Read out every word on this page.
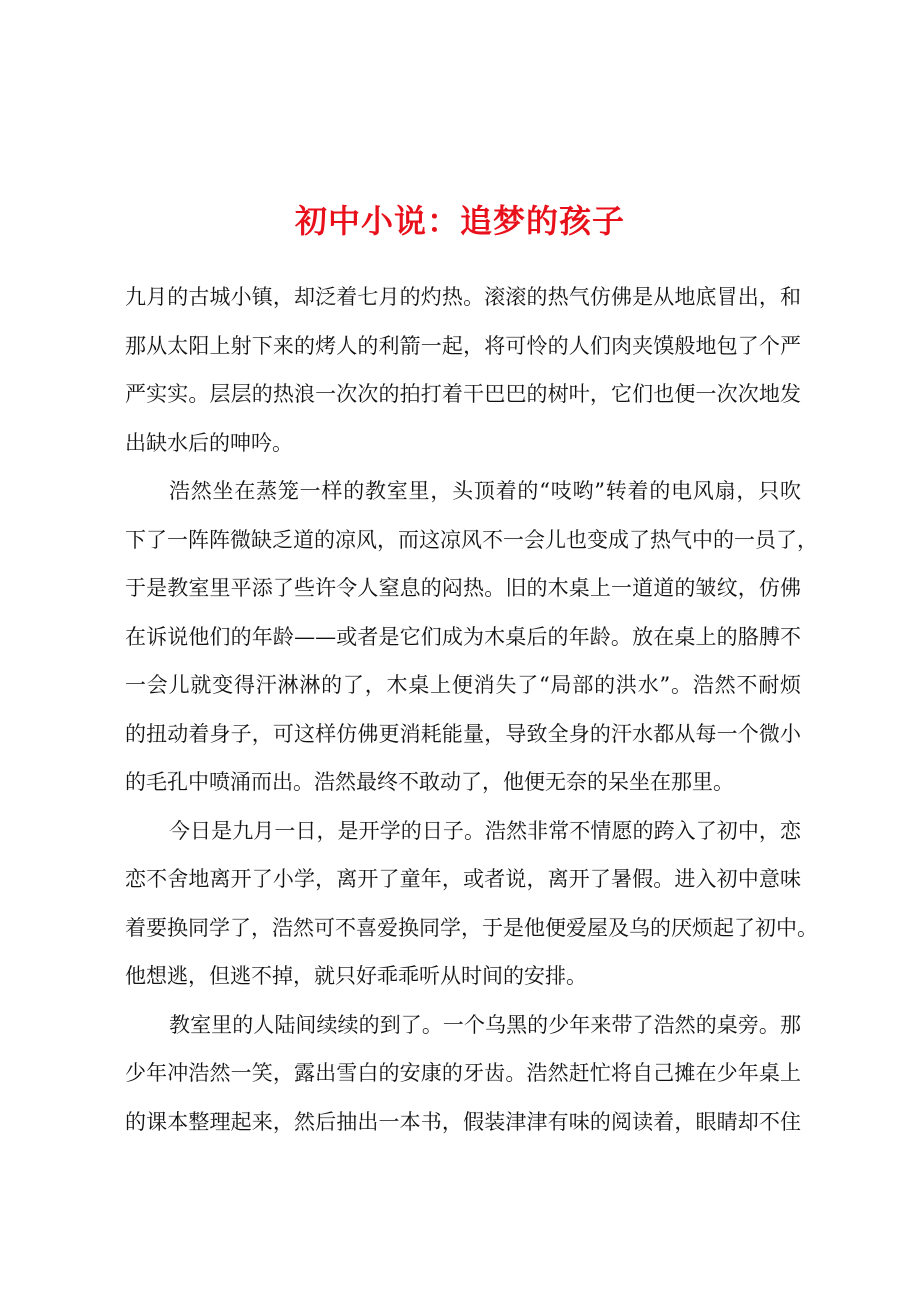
初中小说：追梦的孩子
九月的古城小镇，却泛着七月的灼热。滚滚的热气仿佛是从地底冒出，和
那从太阳上射下来的烤人的利箭一起，将可怜的人们肉夹馍般地包了个严
严实实。层层的热浪一次次的拍打着干巴巴的树叶，它们也便一次次地发
出缺水后的呻吟。
浩然坐在蒸笼一样的教室里，头顶着的“吱哟”转着的电风扇，只吹
下了一阵阵微缺乏道的凉风，而这凉风不一会儿也变成了热气中的一员了，
于是教室里平添了些许令人窒息的闷热。旧的木桌上一道道的皱纹，仿佛
在诉说他们的年龄——或者是它们成为木桌后的年龄。放在桌上的胳膊不
一会儿就变得汗淋淋的了，木桌上便消失了“局部的洪水”。浩然不耐烦
的扭动着身子，可这样仿佛更消耗能量，导致全身的汗水都从每一个微小
的毛孔中喷涌而出。浩然最终不敢动了，他便无奈的呆坐在那里。
今日是九月一日，是开学的日子。浩然非常不情愿的跨入了初中，恋
恋不舍地离开了小学，离开了童年，或者说，离开了暑假。进入初中意味
着要换同学了，浩然可不喜爱换同学，于是他便爱屋及乌的厌烦起了初中。
他想逃，但逃不掉，就只好乖乖听从时间的安排。
教室里的人陆间续续的到了。一个乌黑的少年来带了浩然的桌旁。那
少年冲浩然一笑，露出雪白的安康的牙齿。浩然赶忙将自己摊在少年桌上
的课本整理起来，然后抽出一本书，假装津津有味的阅读着，眼睛却不住
